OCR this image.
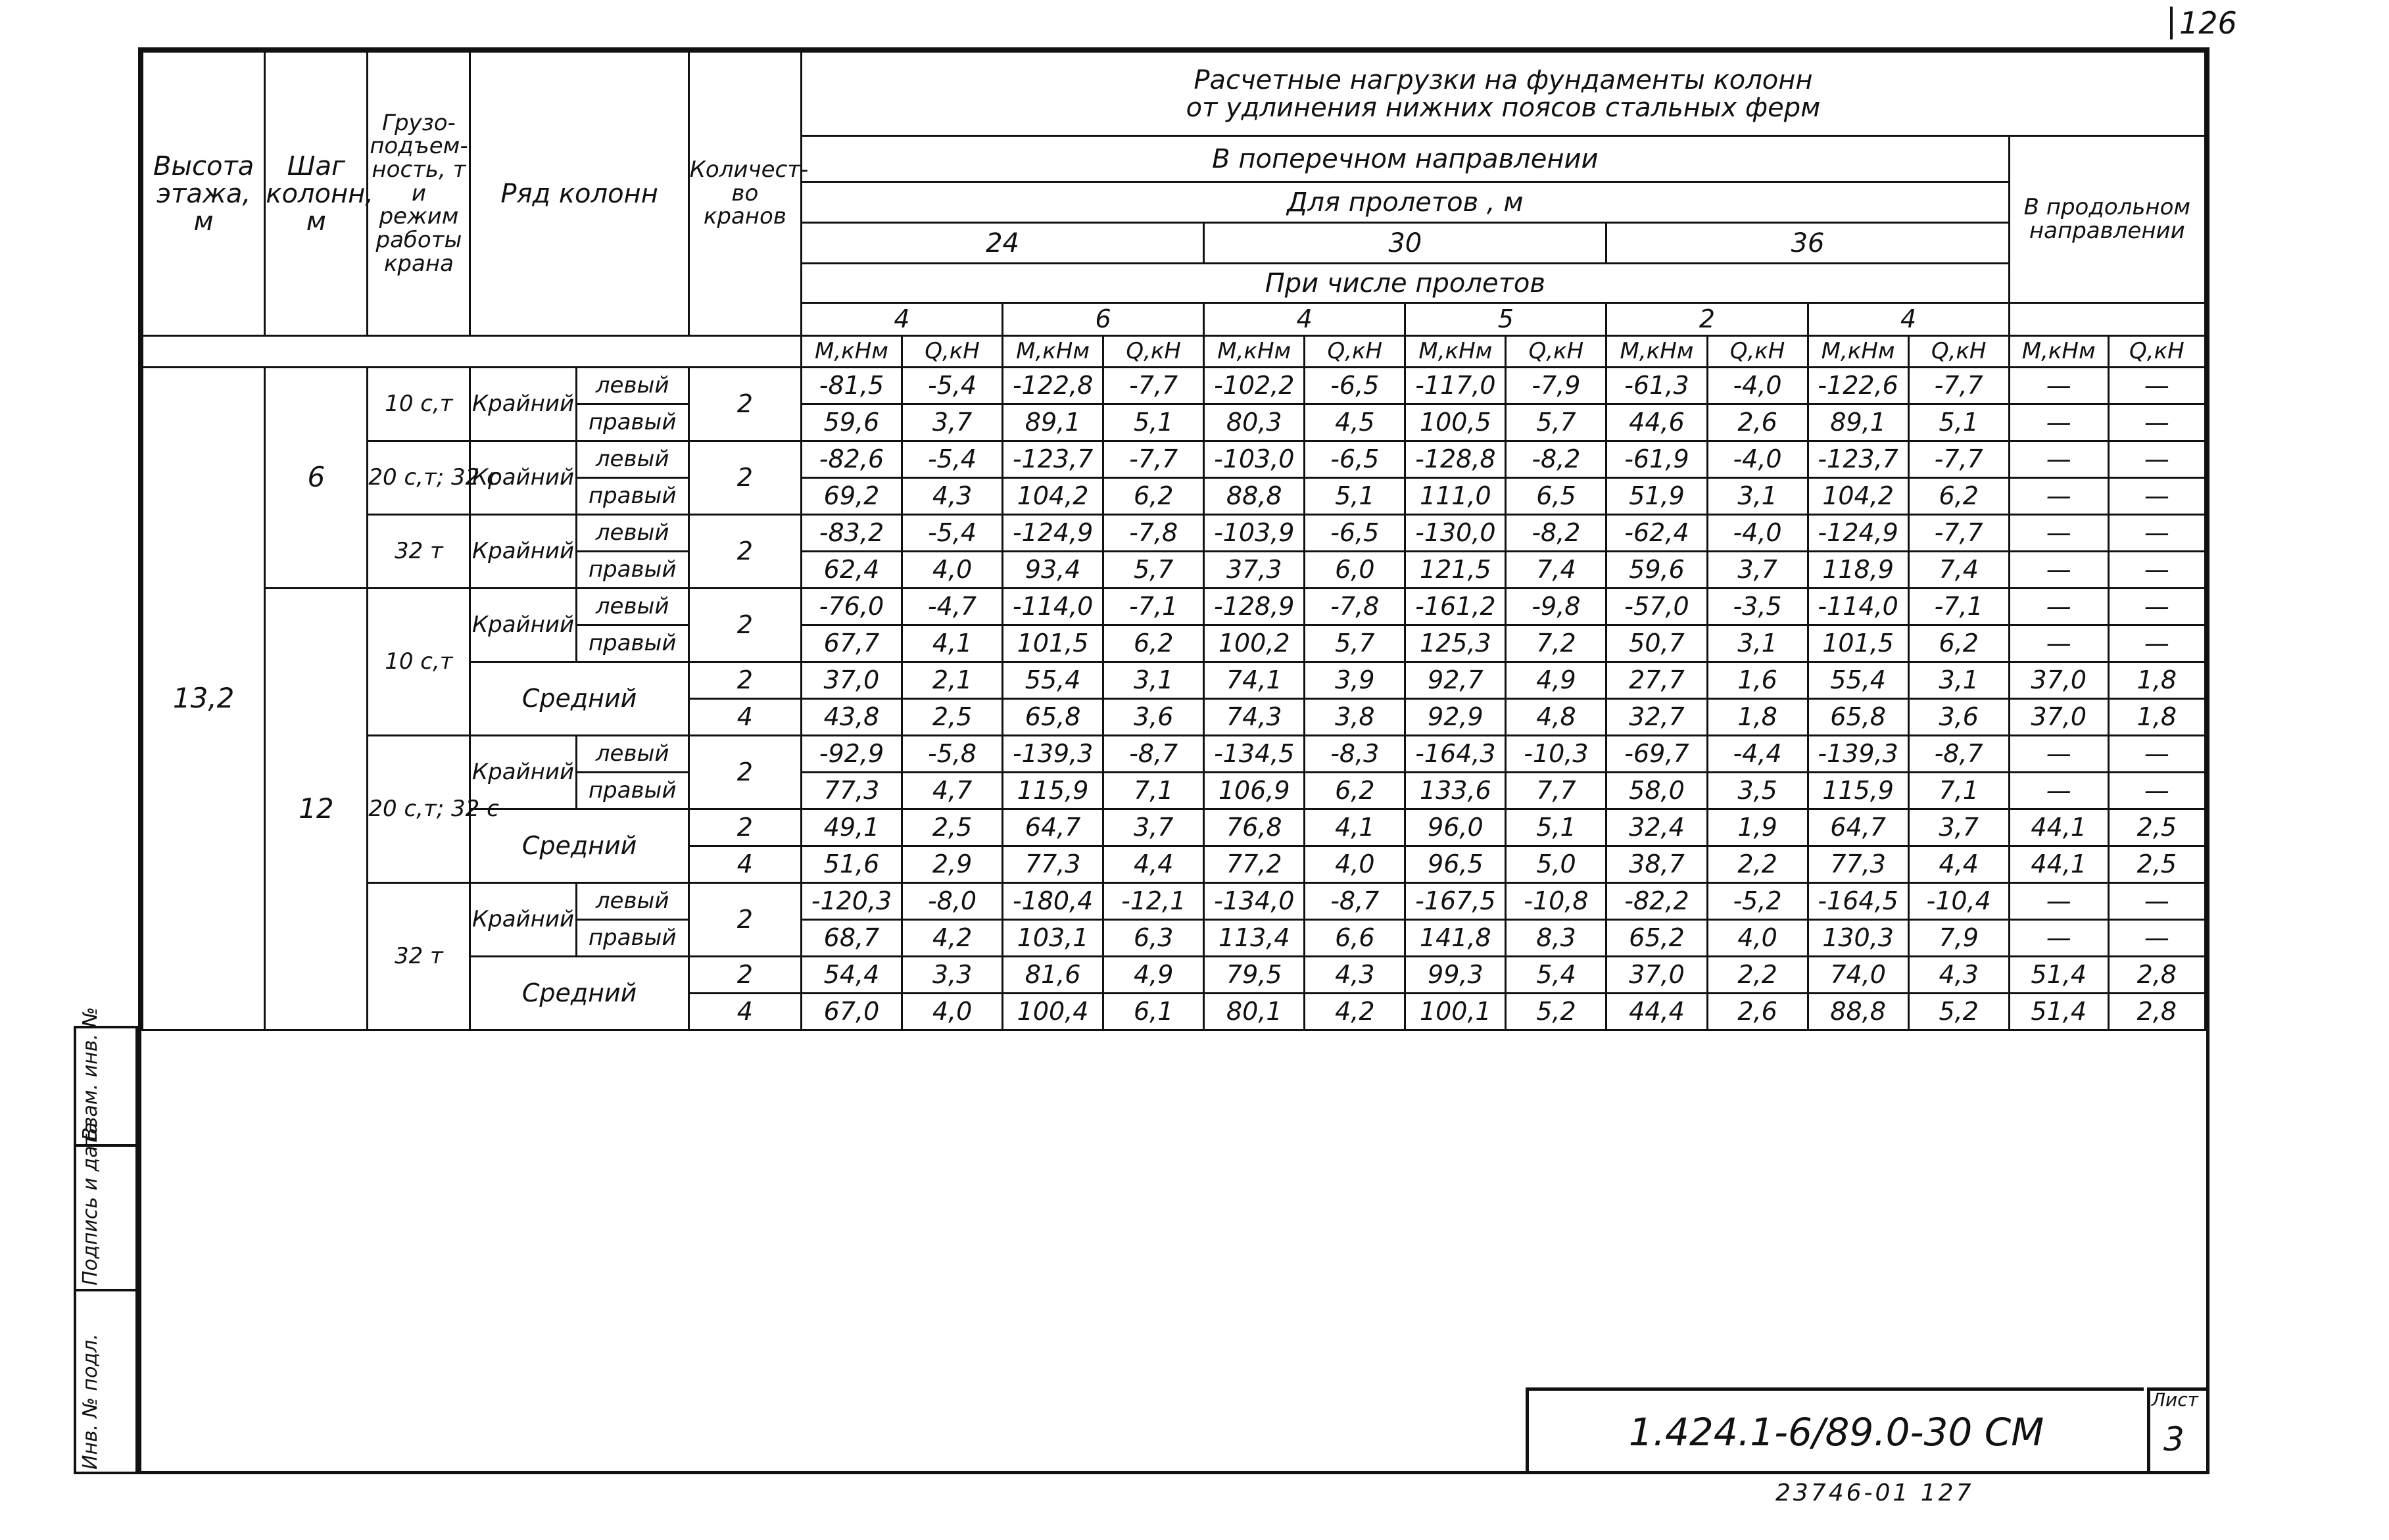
126
Высота этажа, м	Шаг колонн, м	Грузо-подъем-ность, т и режим работы крана	Ряд колонн		Количест-во кранов	Расчетные нагрузки на фундаменты колонн
от удлинения нижних поясов стальных ферм													

						В поперечном направлении												В продольном направлении	
						Для пролетов , м													
						24				30				36					
						При числе пролетов													
						4		6		4		5		2		4			
						М,кНм	Q,кН	М,кНм	Q,кН	М,кНм	Q,кН	М,кНм	Q,кН	М,кНм	Q,кН	М,кНм	Q,кН	М,кНм	Q,кН
13,2	6	10 с,т	Крайний	левый	2	-81,5	-5,4	-122,8	-7,7	-102,2	-6,5	-117,0	-7,9	-61,3	-4,0	-122,6	-7,7	—	—
				правый		59,6	3,7	89,1	5,1	80,3	4,5	100,5	5,7	44,6	2,6	89,1	5,1	—	—
		20 с,т; 32 с	Крайний	левый	2	-82,6	-5,4	-123,7	-7,7	-103,0	-6,5	-128,8	-8,2	-61,9	-4,0	-123,7	-7,7	—	—
				правый		69,2	4,3	104,2	6,2	88,8	5,1	111,0	6,5	51,9	3,1	104,2	6,2	—	—
		32 т	Крайний	левый	2	-83,2	-5,4	-124,9	-7,8	-103,9	-6,5	-130,0	-8,2	-62,4	-4,0	-124,9	-7,7	—	—
				правый		62,4	4,0	93,4	5,7	37,3	6,0	121,5	7,4	59,6	3,7	118,9	7,4	—	—
	12	10 с,т	Крайний	левый	2	-76,0	-4,7	-114,0	-7,1	-128,9	-7,8	-161,2	-9,8	-57,0	-3,5	-114,0	-7,1	—	—
				правый		67,7	4,1	101,5	6,2	100,2	5,7	125,3	7,2	50,7	3,1	101,5	6,2	—	—
			Средний		2	37,0	2,1	55,4	3,1	74,1	3,9	92,7	4,9	27,7	1,6	55,4	3,1	37,0	1,8
					4	43,8	2,5	65,8	3,6	74,3	3,8	92,9	4,8	32,7	1,8	65,8	3,6	37,0	1,8
		20 с,т; 32 с	Крайний	левый	2	-92,9	-5,8	-139,3	-8,7	-134,5	-8,3	-164,3	-10,3	-69,7	-4,4	-139,3	-8,7	—	—
				правый		77,3	4,7	115,9	7,1	106,9	6,2	133,6	7,7	58,0	3,5	115,9	7,1	—	—
			Средний		2	49,1	2,5	64,7	3,7	76,8	4,1	96,0	5,1	32,4	1,9	64,7	3,7	44,1	2,5
					4	51,6	2,9	77,3	4,4	77,2	4,0	96,5	5,0	38,7	2,2	77,3	4,4	44,1	2,5
		32 т	Крайний	левый	2	-120,3	-8,0	-180,4	-12,1	-134,0	-8,7	-167,5	-10,8	-82,2	-5,2	-164,5	-10,4	—	—
				правый		68,7	4,2	103,1	6,3	113,4	6,6	141,8	8,3	65,2	4,0	130,3	7,9	—	—
			Средний		2	54,4	3,3	81,6	4,9	79,5	4,3	99,3	5,4	37,0	2,2	74,0	4,3	51,4	2,8
					4	67,0	4,0	100,4	6,1	80,1	4,2	100,1	5,2	44,4	2,6	88,8	5,2	51,4	2,8
Взам. инв. №
Подпись и дата
Инв. № подл.	1.424.1-6/89.0-30 СМ
Лист
3
23746-01 127
